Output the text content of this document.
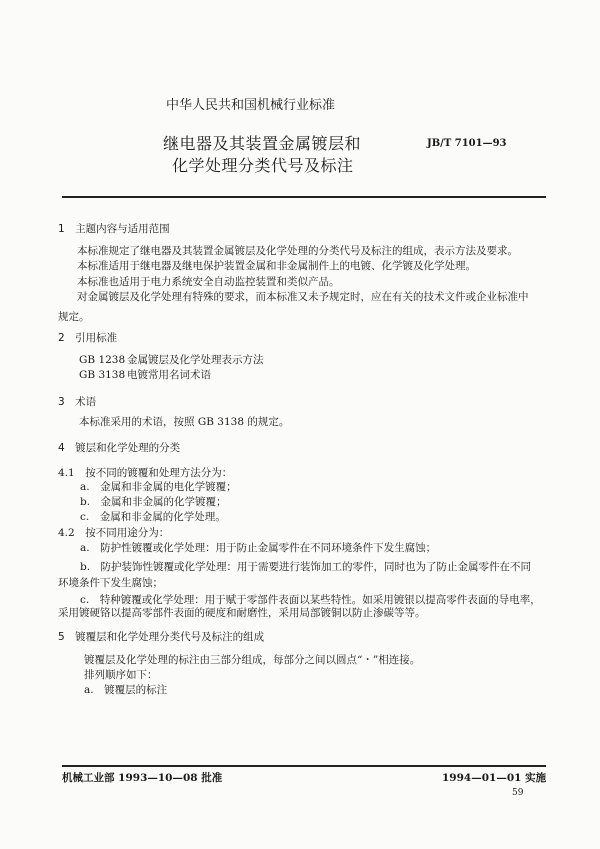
中华人民共和国机械行业标准
继电器及其装置金属镀层和
化学处理分类代号及标注
JB/T 7101—93
1　主题内容与适用范围
本标准规定了继电器及其装置金属镀层及化学处理的分类代号及标注的组成，表示方法及要求。
本标准适用于继电器及继电保护装置金属和非金属制件上的电镀、化学镀及化学处理。
本标准也适用于电力系统安全自动监控装置和类似产品。
对金属镀层及化学处理有特殊的要求，而本标准又未予规定时，应在有关的技术文件或企业标准中
规定。
2　引用标准
GB 1238 金属镀层及化学处理表示方法
GB 3138 电镀常用名词术语
3　术语
本标准采用的术语，按照 GB 3138 的规定。
4　镀层和化学处理的分类
4.1　按不同的镀覆和处理方法分为：
a.　金属和非金属的电化学镀覆；
b.　金属和非金属的化学镀覆；
c.　金属和非金属的化学处理。
4.2　按不同用途分为：
a.　防护性镀覆或化学处理：用于防止金属零件在不同环境条件下发生腐蚀；
b.　防护装饰性镀覆或化学处理：用于需要进行装饰加工的零件，同时也为了防止金属零件在不同
环境条件下发生腐蚀；
c.　特种镀覆或化学处理：用于赋于零部件表面以某些特性。如采用镀银以提高零件表面的导电率，
采用镀硬铬以提高零部件表面的硬度和耐磨性，采用局部镀铜以防止渗碳等等。
5　镀覆层和化学处理分类代号及标注的组成
镀覆层及化学处理的标注由三部分组成，每部分之间以圆点“・”相连接。
排列顺序如下：
a.　镀覆层的标注
机械工业部 1993—10—08 批准	1994—01—01 实施
59
